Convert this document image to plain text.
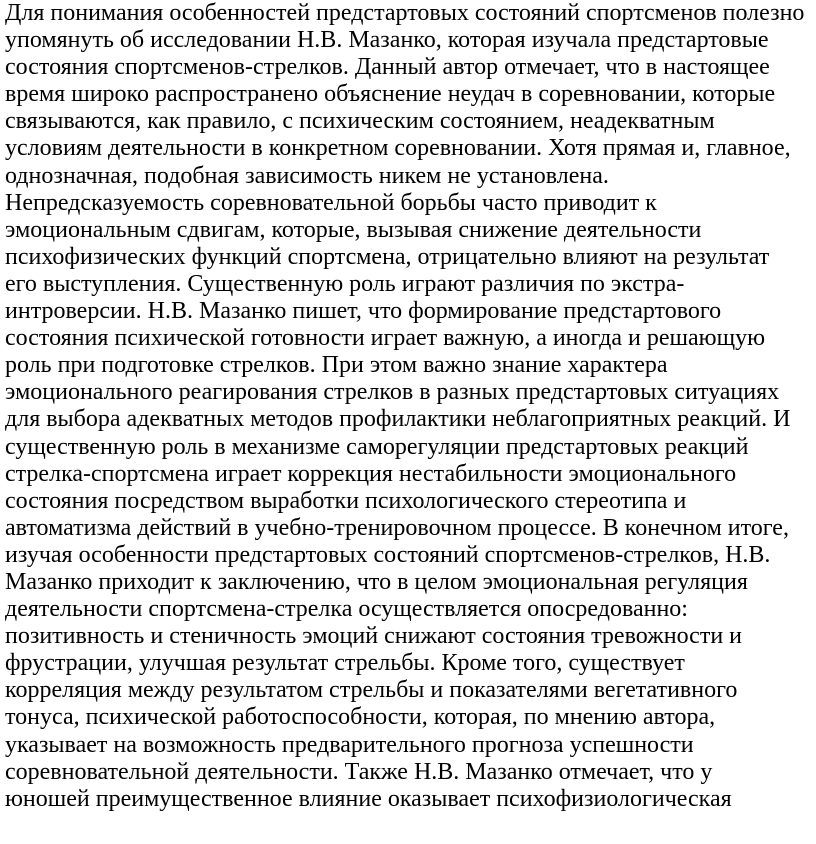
Для понимания особенностей предстартовых состояний спортсменов полезно
упомянуть об исследовании Н.В. Мазанко, которая изучала предстартовые
состояния спортсменов-стрелков. Данный автор отмечает, что в настоящее
время широко распространено объяснение неудач в соревновании, которые
связываются, как правило, с психическим состоянием, неадекватным
условиям деятельности в конкретном соревновании. Хотя прямая и, главное,
однозначная, подобная зависимость никем не установлена.
Непредсказуемость соревновательной борьбы часто приводит к
эмоциональным сдвигам, которые, вызывая снижение деятельности
психофизических функций спортсмена, отрицательно влияют на результат
его выступления. Существенную роль играют различия по экстра-
интроверсии. Н.В. Мазанко пишет, что формирование предстартового
состояния психической готовности играет важную, а иногда и решающую
роль при подготовке стрелков. При этом важно знание характера
эмоционального реагирования стрелков в разных предстартовых ситуациях
для выбора адекватных методов профилактики неблагоприятных реакций. И
существенную роль в механизме саморегуляции предстартовых реакций
стрелка-спортсмена играет коррекция нестабильности эмоционального
состояния посредством выработки психологического стереотипа и
автоматизма действий в учебно-тренировочном процессе. В конечном итоге,
изучая особенности предстартовых состояний спортсменов-стрелков, Н.В.
Мазанко приходит к заключению, что в целом эмоциональная регуляция
деятельности спортсмена-стрелка осуществляется опосредованно:
позитивность и стеничность эмоций снижают состояния тревожности и
фрустрации, улучшая результат стрельбы. Кроме того, существует
корреляция между результатом стрельбы и показателями вегетативного
тонуса, психической работоспособности, которая, по мнению автора,
указывает на возможность предварительного прогноза успешности
соревновательной деятельности. Также Н.В. Мазанко отмечает, что у
юношей преимущественное влияние оказывает психофизиологическая
